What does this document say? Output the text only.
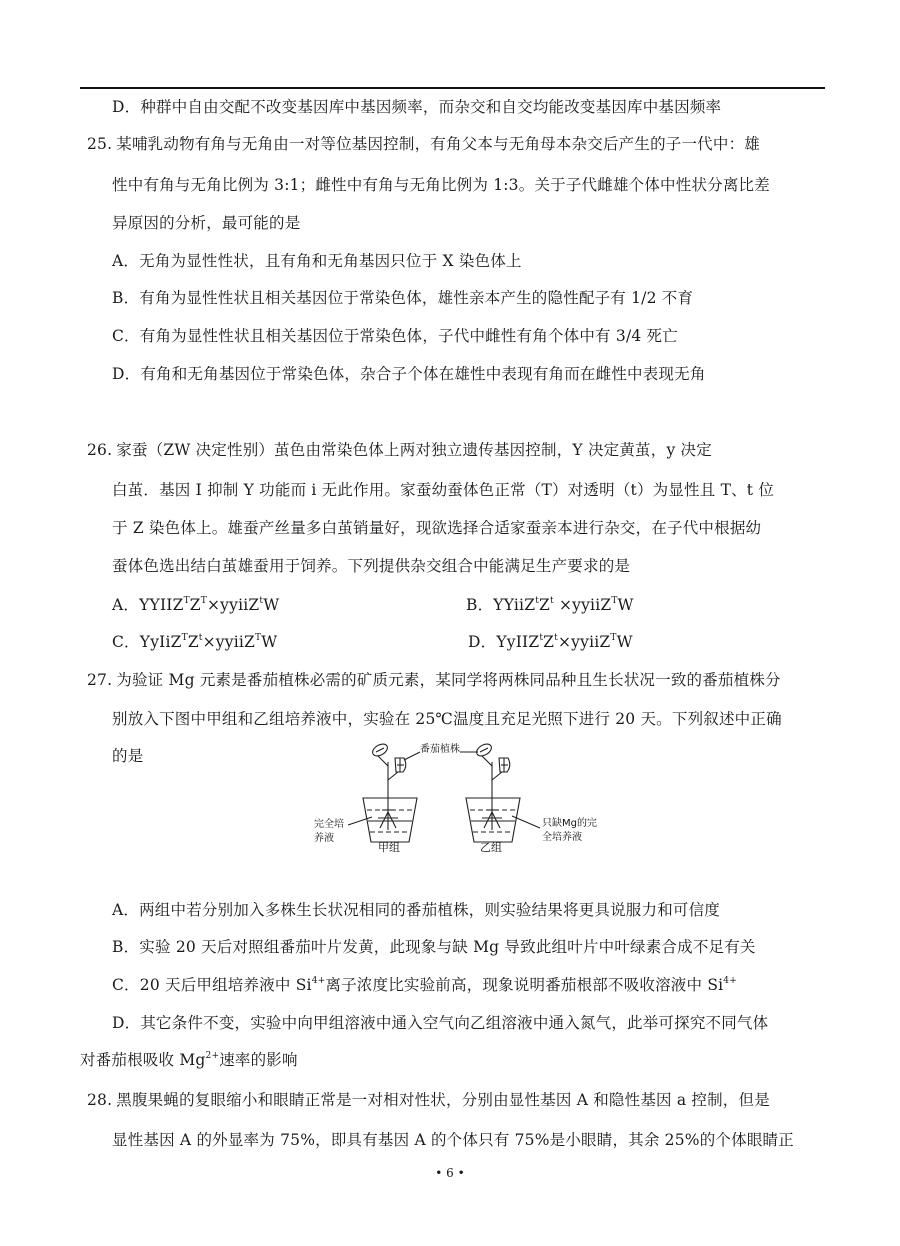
D．种群中自由交配不改变基因库中基因频率，而杂交和自交均能改变基因库中基因频率
25. 某哺乳动物有角与无角由一对等位基因控制，有角父本与无角母本杂交后产生的子一代中：雄
性中有角与无角比例为 3:1；雌性中有角与无角比例为 1:3。关于子代雌雄个体中性状分离比差
异原因的分析，最可能的是
A．无角为显性性状，且有角和无角基因只位于 X 染色体上
B．有角为显性性状且相关基因位于常染色体，雄性亲本产生的隐性配子有 1/2 不育
C．有角为显性性状且相关基因位于常染色体，子代中雌性有角个体中有 3/4 死亡
D．有角和无角基因位于常染色体，杂合子个体在雄性中表现有角而在雌性中表现无角
26. 家蚕（ZW 决定性别）茧色由常染色体上两对独立遗传基因控制，Y 决定黄茧，y 决定
白茧．基因 I 抑制 Y 功能而 i 无此作用。家蚕幼蚕体色正常（T）对透明（t）为显性且 T、t 位
于 Z 染色体上。雄蚕产丝量多白茧销量好，现欲选择合适家蚕亲本进行杂交，在子代中根据幼
蚕体色选出结白茧雄蚕用于饲养。下列提供杂交组合中能满足生产要求的是
A．$YYIIZ^TZ^T\times yyiiZ^tW$	B．$YYiiZ^tZ^t$ ×yyiiZ$^T$W
C．$YyIiZ^TZ^t\times yyiiZ^TW$	D．$YyIIZ^tZ^t\times yyiiZ^TW$
27. 为验证 Mg 元素是番茄植株必需的矿质元素，某同学将两株同品种且生长状况一致的番茄植株分
别放入下图中甲组和乙组培养液中，实验在 25℃温度且充足光照下进行 20 天。下列叙述中正确
的是	番茄植株
完全培
养液
只缺Mg的完
全培养液
甲组	乙组
A．两组中若分别加入多株生长状况相同的番茄植株，则实验结果将更具说服力和可信度
B．实验 20 天后对照组番茄叶片发黄，此现象与缺 Mg 导致此组叶片中叶绿素合成不足有关
C．20 天后甲组培养液中 $Si^{4+}$离子浓度比实验前高，现象说明番茄根部不吸收溶液中 $Si^{4+}$
D．其它条件不变，实验中向甲组溶液中通入空气向乙组溶液中通入氮气，此举可探究不同气体
对番茄根吸收 $Mg^{2+}$速率的影响
28. 黑腹果蝇的复眼缩小和眼睛正常是一对相对性状，分别由显性基因 A 和隐性基因 a 控制，但是
显性基因 A 的外显率为 75%，即具有基因 A 的个体只有 75%是小眼睛，其余 25%的个体眼睛正
• 6 •
